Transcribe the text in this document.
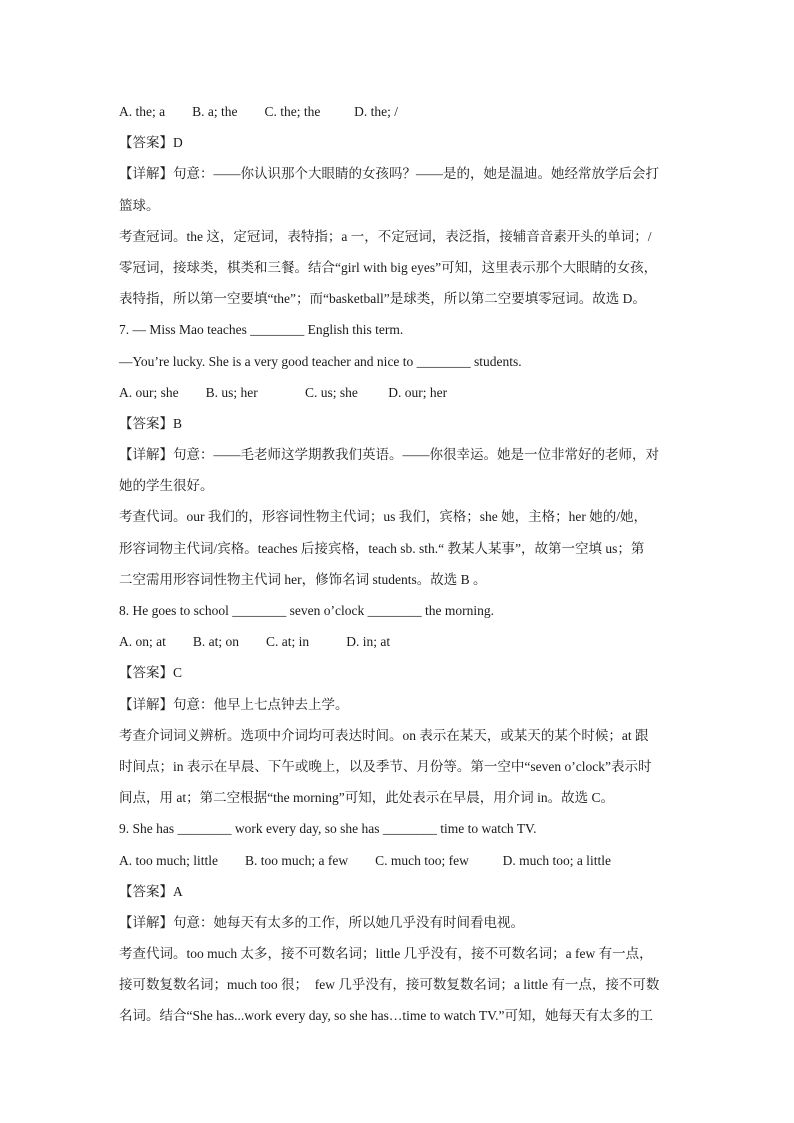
A. the; a        B. a; the        C. the; the          D. the; /
【答案】D
【详解】句意：——你认识那个大眼睛的女孩吗？——是的，她是温迪。她经常放学后会打
篮球。
考查冠词。the 这，定冠词，表特指；a 一，不定冠词，表泛指，接辅音音素开头的单词；/
零冠词，接球类，棋类和三餐。结合“girl with big eyes”可知，这里表示那个大眼睛的女孩，
表特指，所以第一空要填“the”；而“basketball”是球类，所以第二空要填零冠词。故选 D。
7. — Miss Mao teaches ________ English this term.
—You’re lucky. She is a very good teacher and nice to ________ students.
A. our; she        B. us; her              C. us; she         D. our; her
【答案】B
【详解】句意：——毛老师这学期教我们英语。——你很幸运。她是一位非常好的老师，对
她的学生很好。
考查代词。our 我们的，形容词性物主代词；us 我们，宾格；she 她，主格；her 她的/她，
形容词物主代词/宾格。teaches 后接宾格，teach sb. sth.“ 教某人某事”，故第一空填 us；第
二空需用形容词性物主代词 her，修饰名词 students。故选 B 。
8. He goes to school ________ seven o’clock ________ the morning.
A. on; at        B. at; on        C. at; in           D. in; at
【答案】C
【详解】句意：他早上七点钟去上学。
考查介词词义辨析。选项中介词均可表达时间。on 表示在某天，或某天的某个时候；at 跟
时间点；in 表示在早晨、下午或晚上，以及季节、月份等。第一空中“seven o’clock”表示时
间点，用 at；第二空根据“the morning”可知，此处表示在早晨，用介词 in。故选 C。
9. She has ________ work every day, so she has ________ time to watch TV.
A. too much; little        B. too much; a few        C. much too; few          D. much too; a little
【答案】A
【详解】句意：她每天有太多的工作，所以她几乎没有时间看电视。
考查代词。too much 太多，接不可数名词；little 几乎没有，接不可数名词；a few 有一点，
接可数复数名词；much too 很；  few 几乎没有，接可数复数名词；a little 有一点，接不可数
名词。结合“She has...work every day, so she has…time to watch TV.”可知，她每天有太多的工
